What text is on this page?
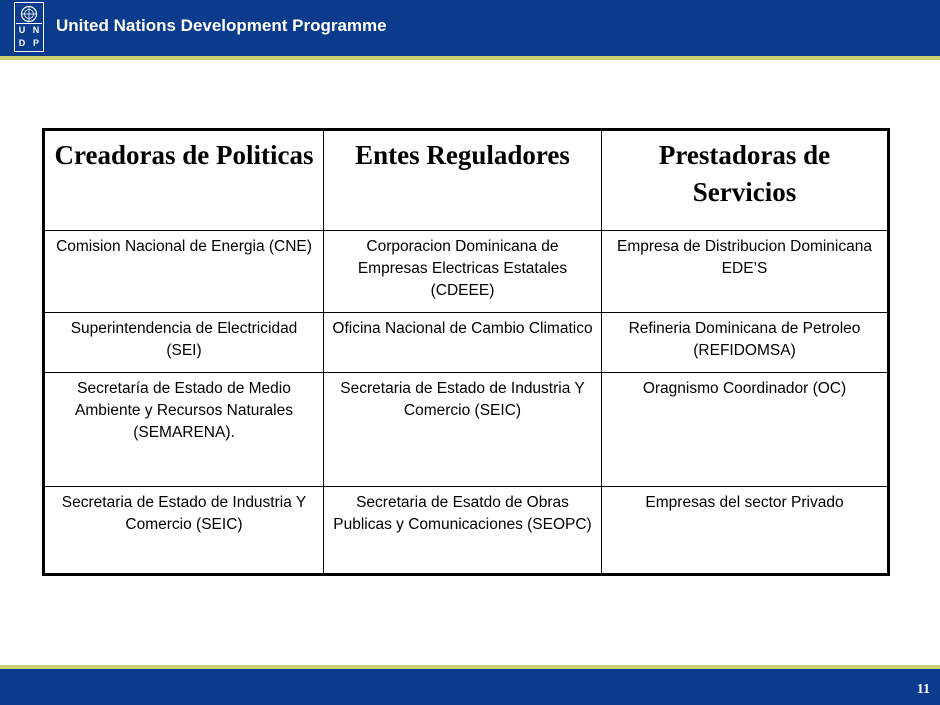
U N
D P
United Nations Development Programme
Creadoras de Politicas	Entes Reguladores	Prestadoras de Servicios
Comision Nacional de Energia (CNE)	Corporacion Dominicana de Empresas Electricas Estatales (CDEEE)	Empresa de Distribucion Dominicana EDE’S
Superintendencia de Electricidad (SEI)	Oficina Nacional de Cambio Climatico	Refineria Dominicana de Petroleo (REFIDOMSA)
Secretaría de Estado de Medio Ambiente y Recursos Naturales (SEMARENA).	Secretaria de Estado de Industria Y Comercio (SEIC)	Oragnismo Coordinador (OC)
Secretaria de Estado de Industria Y Comercio (SEIC)	Secretaria de Esatdo de Obras Publicas y Comunicaciones (SEOPC)	Empresas del sector Privado
11
